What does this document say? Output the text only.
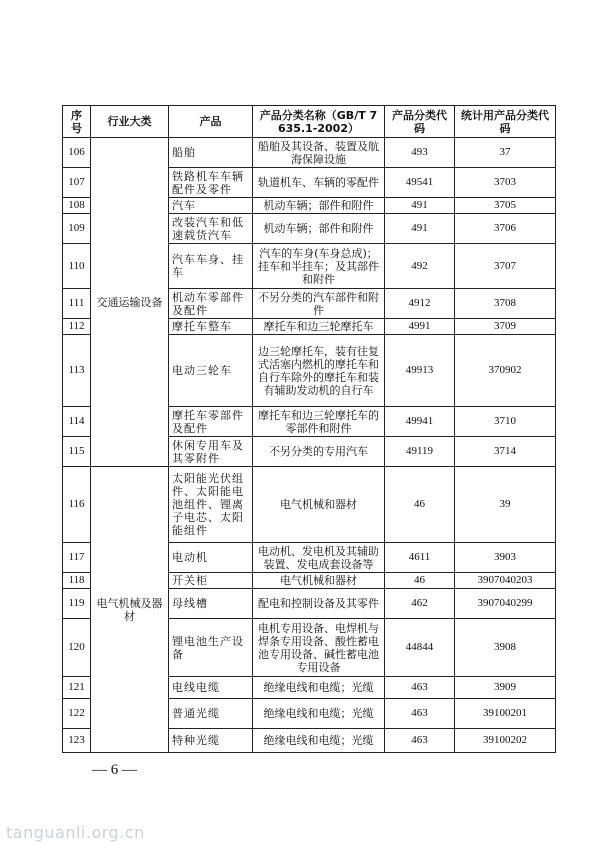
序号	行业大类	产品	产品分类名称（GB/T 7635.1-2002）	产品分类代码	统计用产品分类代码
106	交通运输设备	船舶	船舶及其设备、装置及航海保障设施	493	37
107		铁路机车车辆配件及零件	轨道机车、车辆的零配件	49541	3703
108		汽车	机动车辆；部件和附件	491	3705
109		改装汽车和低速载货汽车	机动车辆；部件和附件	491	3706
110		汽车车身、挂车	汽车的车身(车身总成)；挂车和半挂车；及其部件和附件	492	3707
111		机动车零部件及配件	不另分类的汽车部件和附件	4912	3708
112		摩托车整车	摩托车和边三轮摩托车	4991	3709
113		电动三轮车	边三轮摩托车，装有往复式活塞内燃机的摩托车和自行车除外的摩托车和装有辅助发动机的自行车	49913	370902
114		摩托车零部件及配件	摩托车和边三轮摩托车的零部件和附件	49941	3710
115		休闲专用车及其零附件	不另分类的专用汽车	49119	3714
116	电气机械及器材	太阳能光伏组件、太阳能电池组件、锂离子电芯、太阳能组件	电气机械和器材	46	39
117		电动机	电动机、发电机及其辅助装置、发电成套设备等	4611	3903
118		开关柜	电气机械和器材	46	3907040203
119		母线槽	配电和控制设备及其零件	462	3907040299
120		锂电池生产设备	电机专用设备、电焊机与焊条专用设备、酸性蓄电池专用设备、碱性蓄电池专用设备	44844	3908
121		电线电缆	绝缘电线和电缆；光缆	463	3909
122		普通光缆	绝缘电线和电缆；光缆	463	39100201
123		特种光缆	绝缘电线和电缆；光缆	463	39100202
— 6 —
tanguanli.org.cn
